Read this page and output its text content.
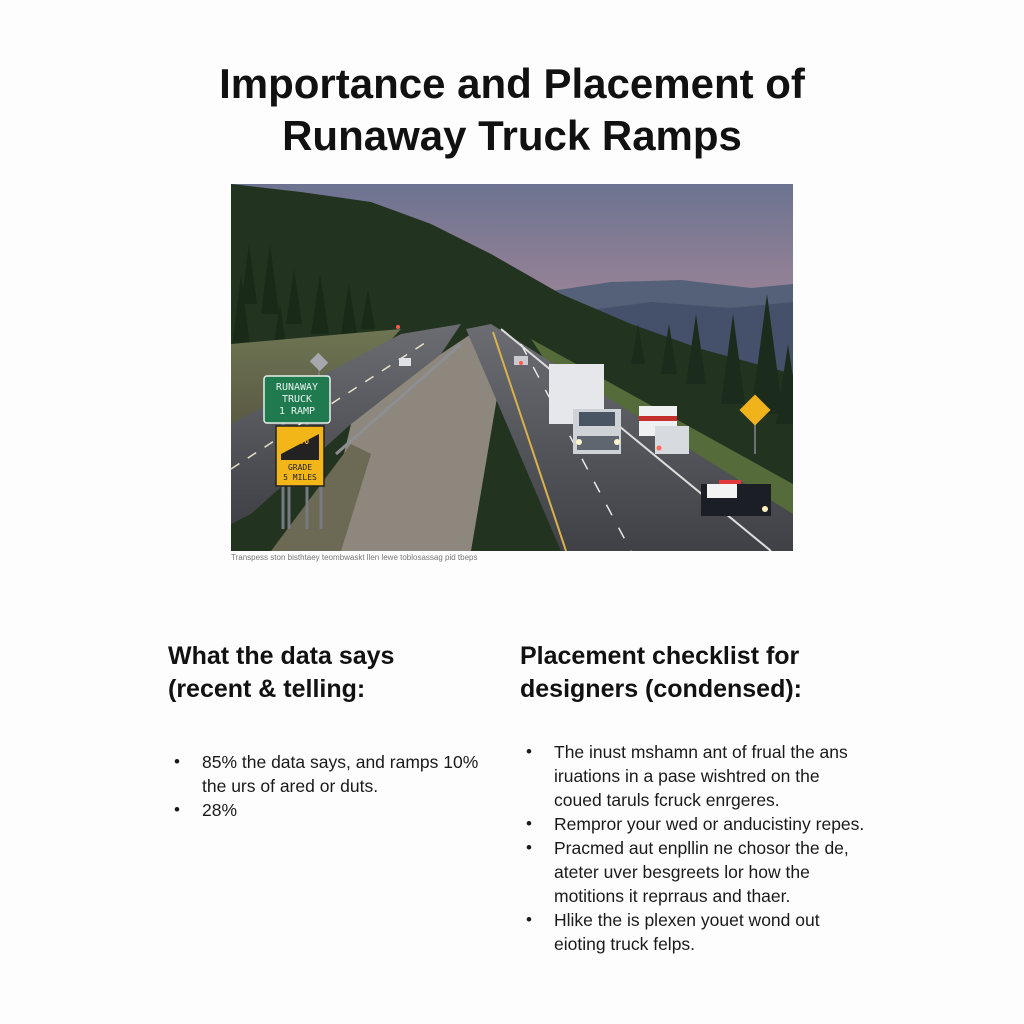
Importance and Placement of
Runaway Truck Ramps
RUNAWAY
TRUCK
1 RAMP
8%
GRADE
5 MILES
Transpess ston bisthtaey teombwaskt llen lewe toblosassag pid tbeps
What the data says
(recent & telling:
• 85% the data says, and ramps 10% the urs of ared or duts.
• 28%
Placement checklist for
designers (condensed):
• The inust mshamn ant of frual the ans iruations in a pase wishtred on the coued taruls fcruck enrgeres.
• Rempror your wed or anducistiny repes.
• Pracmed aut enpllin ne chosor the de, ateter uver besgreets lor how the motitions it reprraus and thaer.
• Hlike the is plexen youet wond out eioting truck felps.
